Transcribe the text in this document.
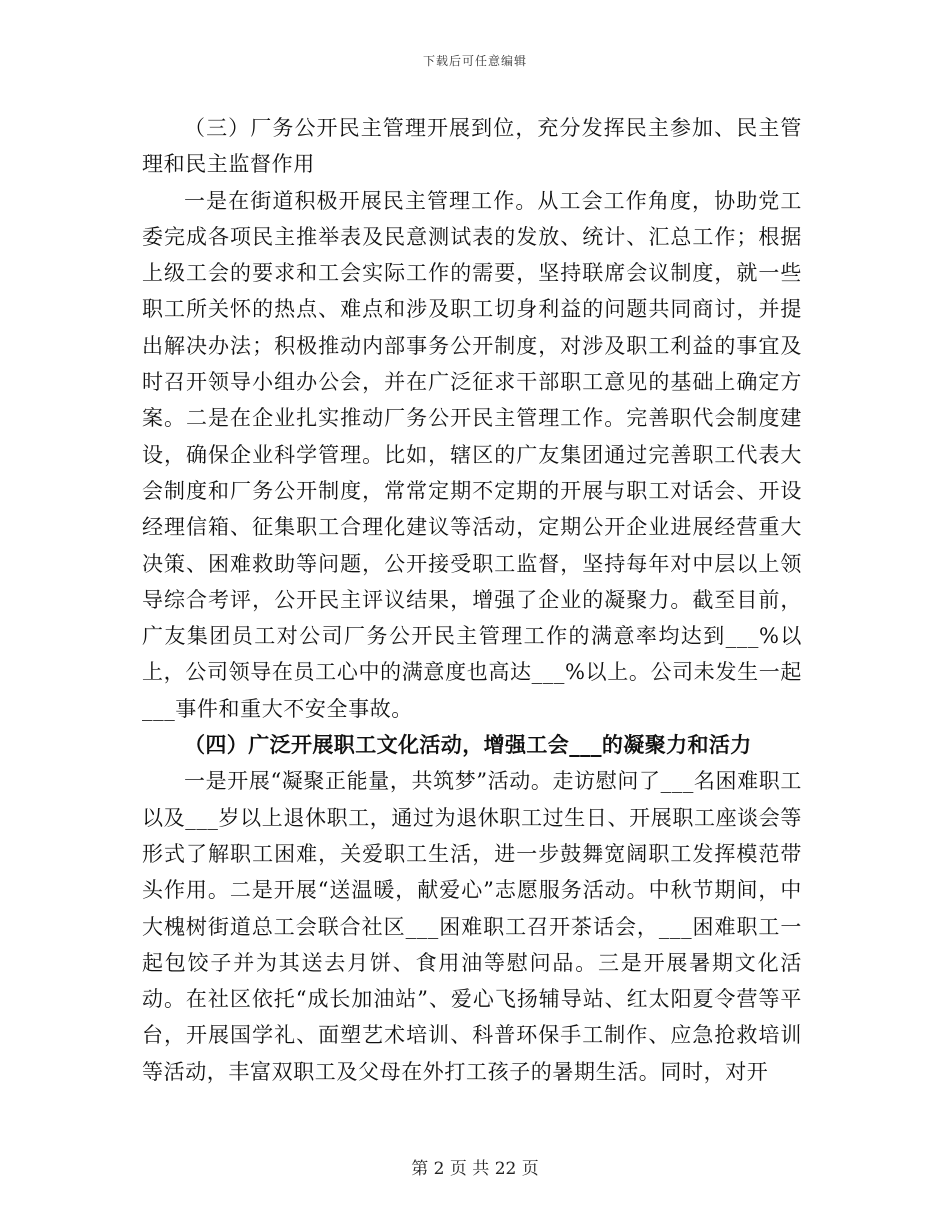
下载后可任意编辑

（三）厂务公开民主管理开展到位，充分发挥民主参加、民主管理和民主监督作用

一是在街道积极开展民主管理工作。从工会工作角度，协助党工委完成各项民主推举表及民意测试表的发放、统计、汇总工作；根据上级工会的要求和工会实际工作的需要，坚持联席会议制度，就一些职工所关怀的热点、难点和涉及职工切身利益的问题共同商讨，并提出解决办法；积极推动内部事务公开制度，对涉及职工利益的事宜及时召开领导小组办公会，并在广泛征求干部职工意见的基础上确定方案。二是在企业扎实推动厂务公开民主管理工作。完善职代会制度建设，确保企业科学管理。比如，辖区的广友集团通过完善职工代表大会制度和厂务公开制度，常常定期不定期的开展与职工对话会、开设经理信箱、征集职工合理化建议等活动，定期公开企业进展经营重大决策、困难救助等问题，公开接受职工监督，坚持每年对中层以上领导综合考评，公开民主评议结果，增强了企业的凝聚力。截至目前，广友集团员工对公司厂务公开民主管理工作的满意率均达到___%以上，公司领导在员工心中的满意度也高达___%以上。公司未发生一起___事件和重大不安全事故。

（四）广泛开展职工文化活动，增强工会___的凝聚力和活力

一是开展“凝聚正能量，共筑梦”活动。走访慰问了___名困难职工以及___岁以上退休职工，通过为退休职工过生日、开展职工座谈会等形式了解职工困难，关爱职工生活，进一步鼓舞宽阔职工发挥模范带头作用。二是开展“送温暖，献爱心”志愿服务活动。中秋节期间，中大槐树街道总工会联合社区___困难职工召开茶话会，___困难职工一起包饺子并为其送去月饼、食用油等慰问品。三是开展暑期文化活动。在社区依托“成长加油站”、爱心飞扬辅导站、红太阳夏令营等平台，开展国学礼、面塑艺术培训、科普环保手工制作、应急抢救培训等活动，丰富双职工及父母在外打工孩子的暑期生活。同时，对开

第 2 页 共 22 页
